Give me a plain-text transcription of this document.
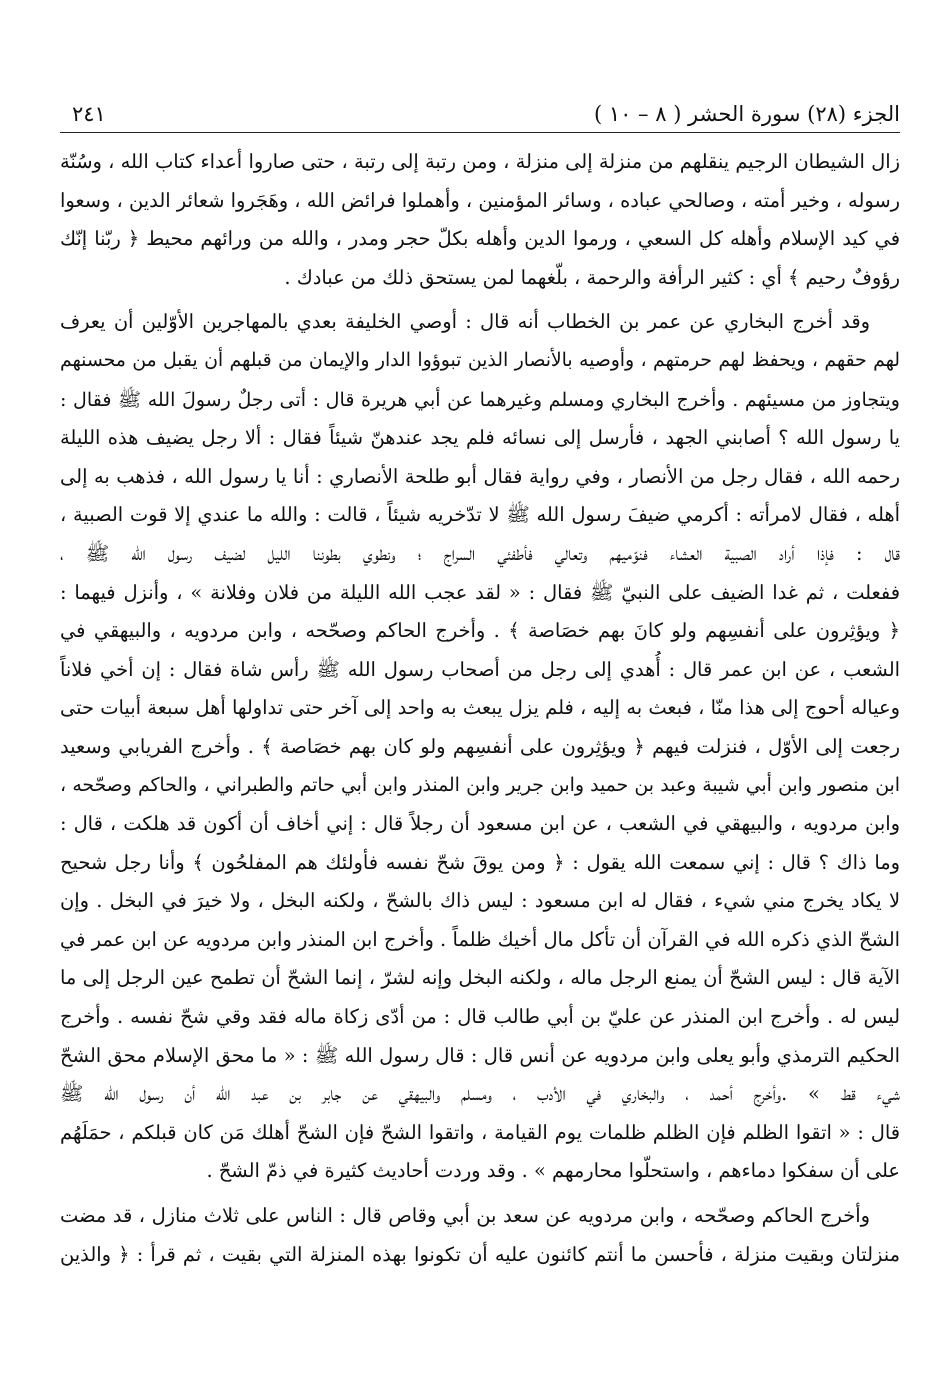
الجزء (٢٨) سورة الحشر ( ٨ – ١٠ )
٢٤١

زال الشيطان الرجيم ينقلهم من منزلة إلى منزلة ، ومن رتبة إلى رتبة ، حتى صاروا أعداء كتاب الله ، وسُنّة
رسوله ، وخير أمته ، وصالحي عباده ، وسائر المؤمنين ، وأهملوا فرائض الله ، وهَجَروا شعائر الدين ، وسعوا
في كيد الإسلام وأهله كل السعي ، ورموا الدين وأهله بكلّ حجر ومدر ، والله من ورائهم محيط ﴿ ربّنا إنّك
رؤوفٌ رحيم ﴾ أي : كثير الرأفة والرحمة ، بلّغهما لمن يستحق ذلك من عبادك .

وقد أخرج البخاري عن عمر بن الخطاب أنه قال : أوصي الخليفة بعدي بالمهاجرين الأوّلين أن يعرف
لهم حقهم ، ويحفظ لهم حرمتهم ، وأوصيه بالأنصار الذين تبوؤوا الدار والإيمان من قبلهم أن يقبل من محسنهم
ويتجاوز من مسيئهم . وأخرج البخاري ومسلم وغيرهما عن أبي هريرة قال : أتى رجلٌ رسولَ الله ﷺ فقال :
يا رسول الله ؟ أصابني الجهد ، فأرسل إلى نسائه فلم يجد عندهنّ شيئاً فقال : ألا رجل يضيف هذه الليلة
رحمه الله ، فقال رجل من الأنصار ، وفي رواية فقال أبو طلحة الأنصاري : أنا يا رسول الله ، فذهب به إلى
أهله ، فقال لامرأته : أكرمي ضيفَ رسول الله ﷺ لا تدّخريه شيئاً ، قالت : والله ما عندي إلا قوت الصبية ،
قال : فإذا أراد الصبية العشاء فنوّميهم وتعالي فأطفئي السراج ؛ ونطوي بطوننا الليل لضيف رسول الله ﷺ ،
ففعلت ، ثم غدا الضيف على النبيّ ﷺ فقال : « لقد عجب الله الليلة من فلان وفلانة » ، وأنزل فيهما :
﴿ ويؤثِرون على أنفسِهم ولو كانَ بهم خصَاصة ﴾ . وأخرج الحاكم وصحّحه ، وابن مردويه ، والبيهقي في
الشعب ، عن ابن عمر قال : أُهدي إلى رجل من أصحاب رسول الله ﷺ رأس شاة فقال : إن أخي فلاناً
وعياله أحوج إلى هذا منّا ، فبعث به إليه ، فلم يزل يبعث به واحد إلى آخر حتى تداولها أهل سبعة أبيات حتى
رجعت إلى الأوّل ، فنزلت فيهم ﴿ ويؤثِرون على أنفسِهم ولو كان بهم خصَاصة ﴾ . وأخرج الفريابي وسعيد
ابن منصور وابن أبي شيبة وعبد بن حميد وابن جرير وابن المنذر وابن أبي حاتم والطبراني ، والحاكم وصحّحه ،
وابن مردويه ، والبيهقي في الشعب ، عن ابن مسعود أن رجلاً قال : إني أخاف أن أكون قد هلكت ، قال :
وما ذاك ؟ قال : إني سمعت الله يقول : ﴿ ومن يوقَ شحّ نفسه فأولئك هم المفلحُون ﴾ وأنا رجل شحيح
لا يكاد يخرج مني شيء ، فقال له ابن مسعود : ليس ذاك بالشحّ ، ولكنه البخل ، ولا خيرَ في البخل . وإن
الشحّ الذي ذكره الله في القرآن أن تأكل مال أخيك ظلماً . وأخرج ابن المنذر وابن مردويه عن ابن عمر في
الآية قال : ليس الشحّ أن يمنع الرجل ماله ، ولكنه البخل وإنه لشرّ ، إنما الشحّ أن تطمح عين الرجل إلى ما
ليس له . وأخرج ابن المنذر عن عليّ بن أبي طالب قال : من أدّى زكاة ماله فقد وقي شحّ نفسه . وأخرج
الحكيم الترمذي وأبو يعلى وابن مردويه عن أنس قال : قال رسول الله ﷺ : « ما محق الإسلام محق الشحّ
شيء قط » .وأخرج أحمد ، والبخاري في الأدب ، ومسلم والبيهقي عن جابر بن عبد الله أن رسول الله ﷺ
قال : « اتقوا الظلم فإن الظلم ظلمات يوم القيامة ، واتقوا الشحّ فإن الشحّ أهلك مَن كان قبلكم ، حمَلَهُم
على أن سفكوا دماءهم ، واستحلّوا محارمهم » . وقد وردت أحاديث كثيرة في ذمّ الشحّ .

وأخرج الحاكم وصحّحه ، وابن مردويه عن سعد بن أبي وقاص قال : الناس على ثلاث منازل ، قد مضت
منزلتان وبقيت منزلة ، فأحسن ما أنتم كائنون عليه أن تكونوا بهذه المنزلة التي بقيت ، ثم قرأ : ﴿ والذين
